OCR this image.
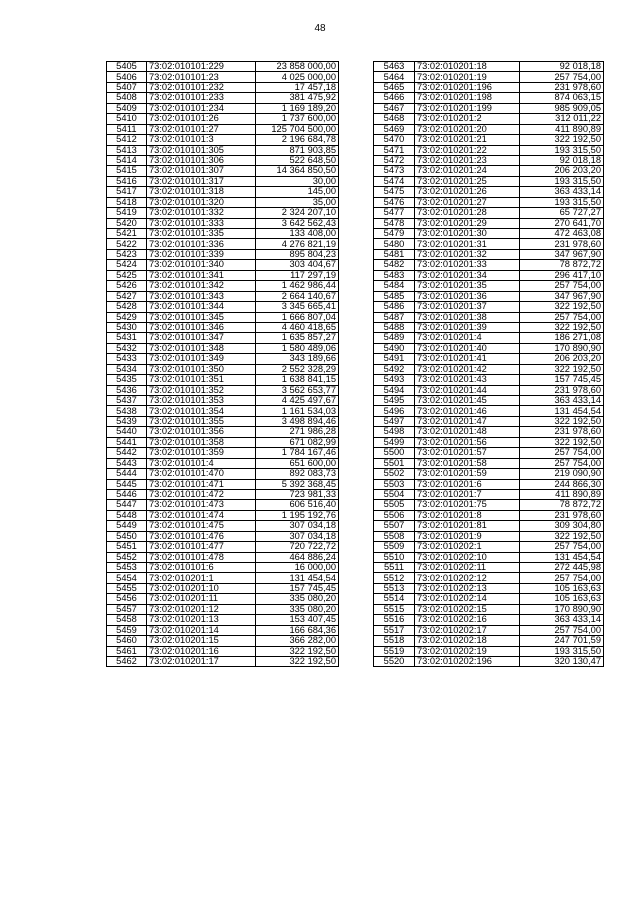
48
5405	73:02:010101:229	23 858 000,00
5406	73:02:010101:23	4 025 000,00
5407	73:02:010101:232	17 457,18
5408	73:02:010101:233	381 475,92
5409	73:02:010101:234	1 169 189,20
5410	73:02:010101:26	1 737 600,00
5411	73:02:010101:27	125 704 500,00
5412	73:02:010101:3	2 196 684,78
5413	73:02:010101:305	871 903,85
5414	73:02:010101:306	522 648,50
5415	73:02:010101:307	14 364 850,50
5416	73:02:010101:317	30,00
5417	73:02:010101:318	145,00
5418	73:02:010101:320	35,00
5419	73:02:010101:332	2 324 207,10
5420	73:02:010101:333	3 642 562,43
5421	73:02:010101:335	133 408,00
5422	73:02:010101:336	4 276 821,19
5423	73:02:010101:339	895 804,23
5424	73:02:010101:340	303 404,67
5425	73:02:010101:341	117 297,19
5426	73:02:010101:342	1 462 986,44
5427	73:02:010101:343	2 664 140,67
5428	73:02:010101:344	3 345 665,41
5429	73:02:010101:345	1 666 807,04
5430	73:02:010101:346	4 460 418,65
5431	73:02:010101:347	1 635 857,27
5432	73:02:010101:348	1 580 489,06
5433	73:02:010101:349	343 189,66
5434	73:02:010101:350	2 552 328,29
5435	73:02:010101:351	1 638 841,15
5436	73:02:010101:352	3 562 653,77
5437	73:02:010101:353	4 425 497,67
5438	73:02:010101:354	1 161 534,03
5439	73:02:010101:355	3 498 894,46
5440	73:02:010101:356	271 986,28
5441	73:02:010101:358	671 082,99
5442	73:02:010101:359	1 784 167,46
5443	73:02:010101:4	651 600,00
5444	73:02:010101:470	892 083,73
5445	73:02:010101:471	5 392 368,45
5446	73:02:010101:472	723 981,33
5447	73:02:010101:473	606 516,40
5448	73:02:010101:474	1 195 192,76
5449	73:02:010101:475	307 034,18
5450	73:02:010101:476	307 034,18
5451	73:02:010101:477	720 722,72
5452	73:02:010101:478	464 886,24
5453	73:02:010101:6	16 000,00
5454	73:02:010201:1	131 454,54
5455	73:02:010201:10	157 745,45
5456	73:02:010201:11	335 080,20
5457	73:02:010201:12	335 080,20
5458	73:02:010201:13	153 407,45
5459	73:02:010201:14	166 684,36
5460	73:02:010201:15	366 282,00
5461	73:02:010201:16	322 192,50
5462	73:02:010201:17	322 192,50
5463	73:02:010201:18	92 018,18
5464	73:02:010201:19	257 754,00
5465	73:02:010201:196	231 978,60
5466	73:02:010201:198	874 063,15
5467	73:02:010201:199	985 909,05
5468	73:02:010201:2	312 011,22
5469	73:02:010201:20	411 890,89
5470	73:02:010201:21	322 192,50
5471	73:02:010201:22	193 315,50
5472	73:02:010201:23	92 018,18
5473	73:02:010201:24	206 203,20
5474	73:02:010201:25	193 315,50
5475	73:02:010201:26	363 433,14
5476	73:02:010201:27	193 315,50
5477	73:02:010201:28	65 727,27
5478	73:02:010201:29	270 641,70
5479	73:02:010201:30	472 463,08
5480	73:02:010201:31	231 978,60
5481	73:02:010201:32	347 967,90
5482	73:02:010201:33	78 872,72
5483	73:02:010201:34	296 417,10
5484	73:02:010201:35	257 754,00
5485	73:02:010201:36	347 967,90
5486	73:02:010201:37	322 192,50
5487	73:02:010201:38	257 754,00
5488	73:02:010201:39	322 192,50
5489	73:02:010201:4	186 271,08
5490	73:02:010201:40	170 890,90
5491	73:02:010201:41	206 203,20
5492	73:02:010201:42	322 192,50
5493	73:02:010201:43	157 745,45
5494	73:02:010201:44	231 978,60
5495	73:02:010201:45	363 433,14
5496	73:02:010201:46	131 454,54
5497	73:02:010201:47	322 192,50
5498	73:02:010201:48	231 978,60
5499	73:02:010201:56	322 192,50
5500	73:02:010201:57	257 754,00
5501	73:02:010201:58	257 754,00
5502	73:02:010201:59	219 090,90
5503	73:02:010201:6	244 866,30
5504	73:02:010201:7	411 890,89
5505	73:02:010201:75	78 872,72
5506	73:02:010201:8	231 978,60
5507	73:02:010201:81	309 304,80
5508	73:02:010201:9	322 192,50
5509	73:02:010202:1	257 754,00
5510	73:02:010202:10	131 454,54
5511	73:02:010202:11	272 445,98
5512	73:02:010202:12	257 754,00
5513	73:02:010202:13	105 163,63
5514	73:02:010202:14	105 163,63
5515	73:02:010202:15	170 890,90
5516	73:02:010202:16	363 433,14
5517	73:02:010202:17	257 754,00
5518	73:02:010202:18	247 701,59
5519	73:02:010202:19	193 315,50
5520	73:02:010202:196	320 130,47
